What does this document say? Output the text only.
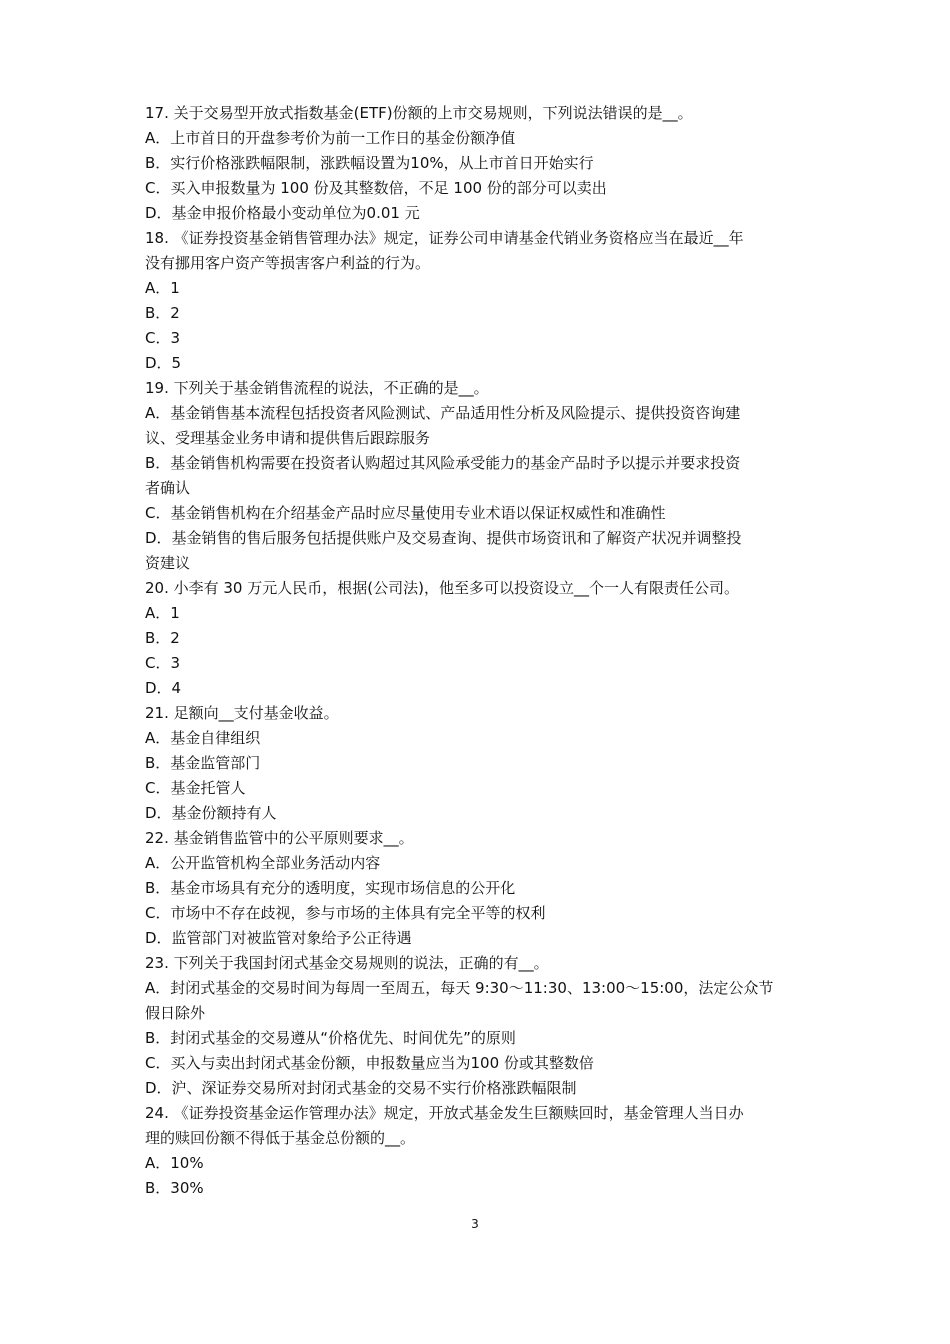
17. 关于交易型开放式指数基金(ETF)份额的上市交易规则，下列说法错误的是__。
A．上市首日的开盘参考价为前一工作日的基金份额净值
B．实行价格涨跌幅限制，涨跌幅设置为10%，从上市首日开始实行
C．买入申报数量为 100 份及其整数倍，不足 100 份的部分可以卖出
D．基金申报价格最小变动单位为0.01 元
18. 《证券投资基金销售管理办法》规定，证券公司申请基金代销业务资格应当在最近__年
没有挪用客户资产等损害客户利益的行为。
A．1
B．2
C．3
D．5
19. 下列关于基金销售流程的说法，不正确的是__。
A．基金销售基本流程包括投资者风险测试、产品适用性分析及风险提示、提供投资咨询建
议、受理基金业务申请和提供售后跟踪服务
B．基金销售机构需要在投资者认购超过其风险承受能力的基金产品时予以提示并要求投资
者确认
C．基金销售机构在介绍基金产品时应尽量使用专业术语以保证权威性和准确性
D．基金销售的售后服务包括提供账户及交易查询、提供市场资讯和了解资产状况并调整投
资建议
20. 小李有 30 万元人民币，根据(公司法)，他至多可以投资设立__个一人有限责任公司。
A．1
B．2
C．3
D．4
21. 足额向__支付基金收益。
A．基金自律组织
B．基金监管部门
C．基金托管人
D．基金份额持有人
22. 基金销售监管中的公平原则要求__。
A．公开监管机构全部业务活动内容
B．基金市场具有充分的透明度，实现市场信息的公开化
C．市场中不存在歧视，参与市场的主体具有完全平等的权利
D．监管部门对被监管对象给予公正待遇
23. 下列关于我国封闭式基金交易规则的说法，正确的有__。
A．封闭式基金的交易时间为每周一至周五，每天 9:30～11:30、13:00～15:00，法定公众节
假日除外
B．封闭式基金的交易遵从“价格优先、时间优先”的原则
C．买入与卖出封闭式基金份额，申报数量应当为100 份或其整数倍
D．沪、深证券交易所对封闭式基金的交易不实行价格涨跌幅限制
24. 《证券投资基金运作管理办法》规定，开放式基金发生巨额赎回时，基金管理人当日办
理的赎回份额不得低于基金总份额的__。
A．10%
B．30%
3
